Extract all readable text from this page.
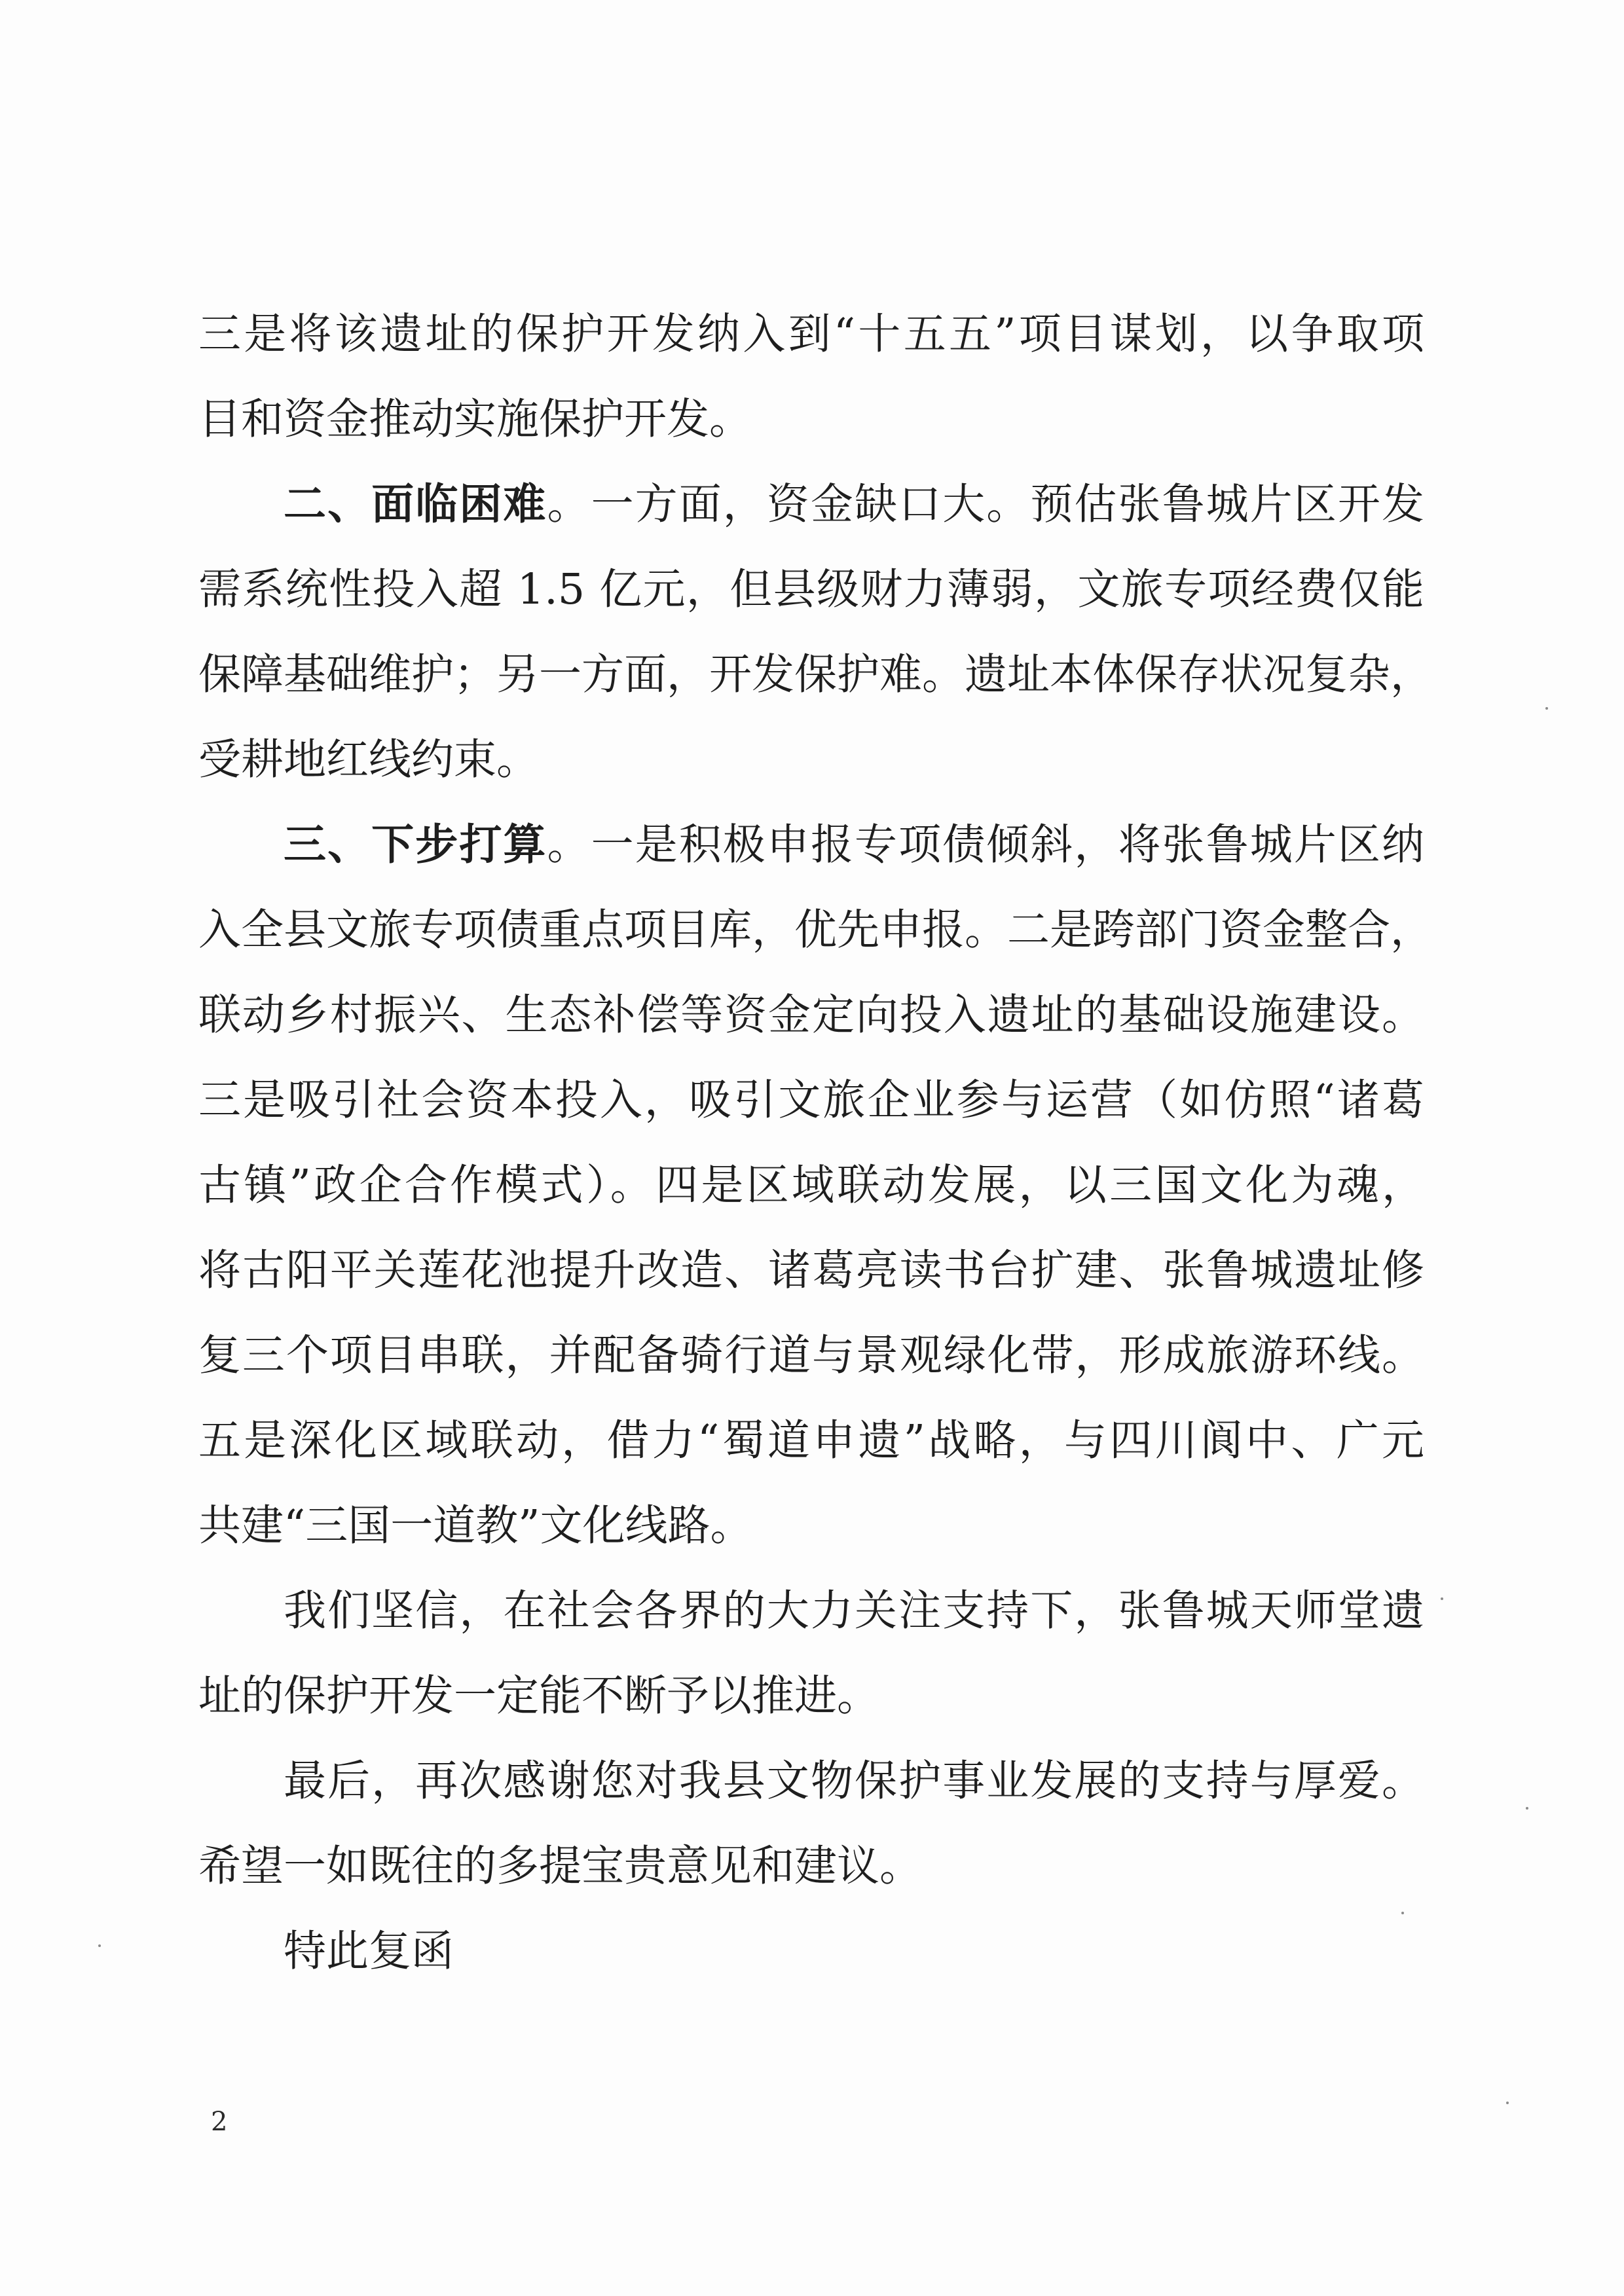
三是将该遗址的保护开发纳入到“十五五”项目谋划，以争取项
目和资金推动实施保护开发。
二、面临困难。一方面，资金缺口大。预估张鲁城片区开发
需系统性投入超 1.5 亿元，但县级财力薄弱，文旅专项经费仅能
保障基础维护；另一方面，开发保护难。遗址本体保存状况复杂，
受耕地红线约束。
三、下步打算。一是积极申报专项债倾斜，将张鲁城片区纳
入全县文旅专项债重点项目库，优先申报。二是跨部门资金整合，
联动乡村振兴、生态补偿等资金定向投入遗址的基础设施建设。
三是吸引社会资本投入，吸引文旅企业参与运营（如仿照“诸葛
古镇”政企合作模式）。四是区域联动发展，以三国文化为魂，
将古阳平关莲花池提升改造、诸葛亮读书台扩建、张鲁城遗址修
复三个项目串联，并配备骑行道与景观绿化带，形成旅游环线。
五是深化区域联动，借力“蜀道申遗”战略，与四川阆中、广元
共建“三国一道教”文化线路。
我们坚信，在社会各界的大力关注支持下，张鲁城天师堂遗
址的保护开发一定能不断予以推进。
最后，再次感谢您对我县文物保护事业发展的支持与厚爱。
希望一如既往的多提宝贵意见和建议。
特此复函
2
